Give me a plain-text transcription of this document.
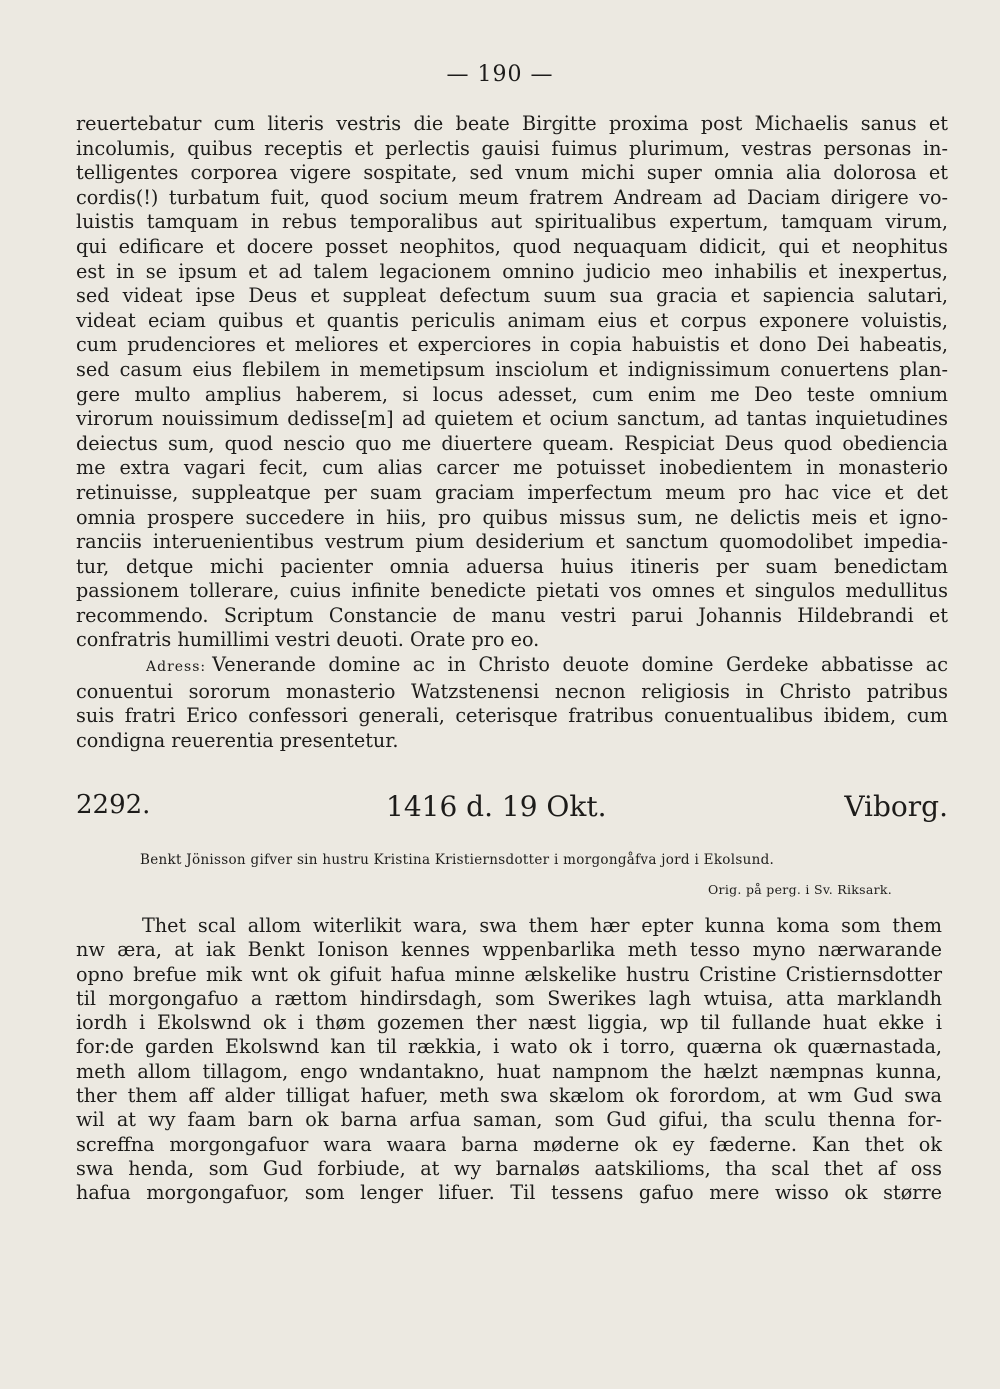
— 190 —
reuertebatur cum literis vestris die beate Birgitte proxima post Michaelis sanus et
incolumis, quibus receptis et perlectis gauisi fuimus plurimum, vestras personas in-
telligentes corporea vigere sospitate, sed vnum michi super omnia alia dolorosa et
cordis(!) turbatum fuit, quod socium meum fratrem Andream ad Daciam dirigere vo-
luistis tamquam in rebus temporalibus aut spiritualibus expertum, tamquam virum,
qui edificare et docere posset neophitos, quod nequaquam didicit, qui et neophitus
est in se ipsum et ad talem legacionem omnino judicio meo inhabilis et inexpertus,
sed videat ipse Deus et suppleat defectum suum sua gracia et sapiencia salutari,
videat eciam quibus et quantis periculis animam eius et corpus exponere voluistis,
cum prudenciores et meliores et experciores in copia habuistis et dono Dei habeatis,
sed casum eius flebilem in memetipsum insciolum et indignissimum conuertens plan-
gere multo amplius haberem, si locus adesset, cum enim me Deo teste omnium
virorum nouissimum dedisse[m] ad quietem et ocium sanctum, ad tantas inquietudines
deiectus sum, quod nescio quo me diuertere queam. Respiciat Deus quod obediencia
me extra vagari fecit, cum alias carcer me potuisset inobedientem in monasterio
retinuisse, suppleatque per suam graciam imperfectum meum pro hac vice et det
omnia prospere succedere in hiis, pro quibus missus sum, ne delictis meis et igno-
ranciis interuenientibus vestrum pium desiderium et sanctum quomodolibet impedia-
tur, detque michi pacienter omnia aduersa huius itineris per suam benedictam
passionem tollerare, cuius infinite benedicte pietati vos omnes et singulos medullitus
recommendo. Scriptum Constancie de manu vestri parui Johannis Hildebrandi et
confratris humillimi vestri deuoti. Orate pro eo.
Adress: Venerande domine ac in Christo deuote domine Gerdeke abbatisse ac
conuentui sororum monasterio Watzstenensi necnon religiosis in Christo patribus
suis fratri Erico confessori generali, ceterisque fratribus conuentualibus ibidem, cum
condigna reuerentia presentetur.
2292.	1416 d. 19 Okt.	Viborg.
Benkt Jönisson gifver sin hustru Kristina Kristiernsdotter i morgongåfva jord i Ekolsund.
Orig. på perg. i Sv. Riksark.
Thet scal allom witerlikit wara, swa them hær epter kunna koma som them
nw æra, at iak Benkt Ionison kennes wppenbarlika meth tesso myno nærwarande
opno brefue mik wnt ok gifuit hafua minne ælskelike hustru Cristine Cristiernsdotter
til morgongafuo a rættom hindirsdagh, som Swerikes lagh wtuisa, atta marklandh
iordh i Ekolswnd ok i thøm gozemen ther næst liggia, wp til fullande huat ekke i
for:de garden Ekolswnd kan til rækkia, i wato ok i torro, quærna ok quærnastada,
meth allom tillagom, engo wndantakno, huat nampnom the hælzt næmpnas kunna,
ther them aff alder tilligat hafuer, meth swa skælom ok forordom, at wm Gud swa
wil at wy faam barn ok barna arfua saman, som Gud gifui, tha sculu thenna for-
screffna morgongafuor wara waara barna møderne ok ey fæderne. Kan thet ok
swa henda, som Gud forbiude, at wy barnaløs aatskilioms, tha scal thet af oss
hafua morgongafuor, som lenger lifuer. Til tessens gafuo mere wisso ok større
